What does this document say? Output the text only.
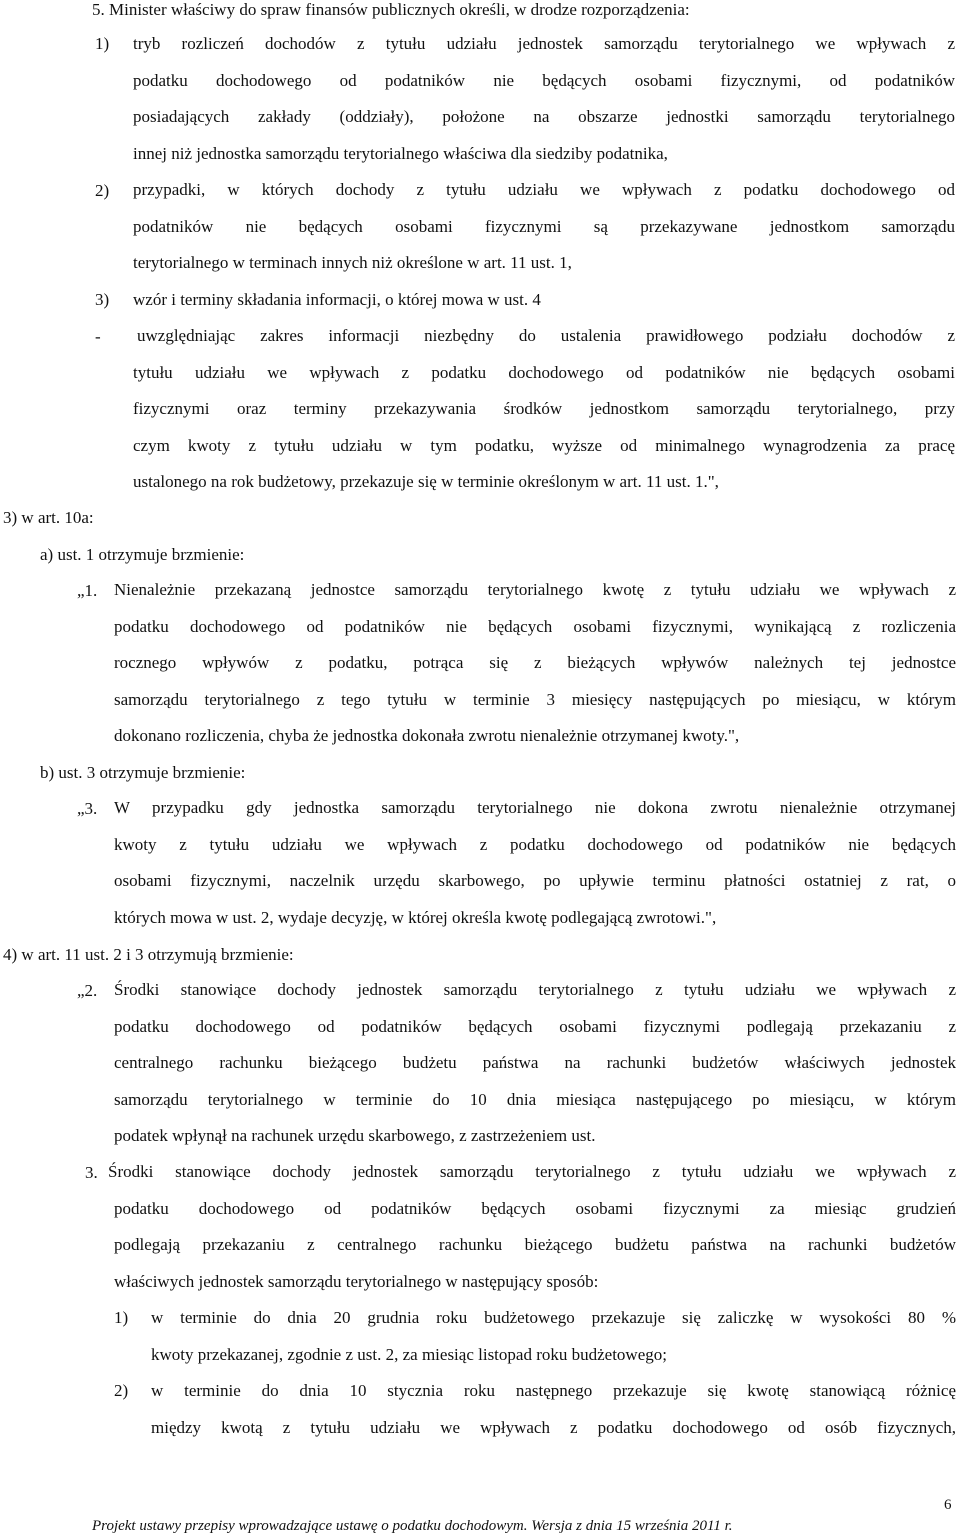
5. Minister właściwy do spraw finansów publicznych określi, w drodze rozporządzenia:
1) tryb rozliczeń dochodów z tytułu udziału jednostek samorządu terytorialnego we wpływach z
podatku dochodowego od podatników nie będących osobami fizycznymi, od podatników
posiadających zakłady (oddziały), położone na obszarze jednostki samorządu terytorialnego
innej niż jednostka samorządu terytorialnego właściwa dla siedziby podatnika,
2) przypadki, w których dochody z tytułu udziału we wpływach z podatku dochodowego od
podatników nie będących osobami fizycznymi są przekazywane jednostkom samorządu
terytorialnego w terminach innych niż określone w art. 11 ust. 1,
3) wzór i terminy składania informacji, o której mowa w ust. 4
- uwzględniając zakres informacji niezbędny do ustalenia prawidłowego podziału dochodów z
tytułu udziału we wpływach z podatku dochodowego od podatników nie będących osobami
fizycznymi oraz terminy przekazywania środków jednostkom samorządu terytorialnego, przy
czym kwoty z tytułu udziału w tym podatku, wyższe od minimalnego wynagrodzenia za pracę
ustalonego na rok budżetowy, przekazuje się w terminie określonym w art. 11 ust. 1.",
3) w art. 10a:
a) ust. 1 otrzymuje brzmienie:
„1. Nienależnie przekazaną jednostce samorządu terytorialnego kwotę z tytułu udziału we wpływach z
podatku dochodowego od podatników nie będących osobami fizycznymi, wynikającą z rozliczenia
rocznego wpływów z podatku, potrąca się z bieżących wpływów należnych tej jednostce
samorządu terytorialnego z tego tytułu w terminie 3 miesięcy następujących po miesiącu, w którym
dokonano rozliczenia, chyba że jednostka dokonała zwrotu nienależnie otrzymanej kwoty.",
b) ust. 3 otrzymuje brzmienie:
„3. W przypadku gdy jednostka samorządu terytorialnego nie dokona zwrotu nienależnie otrzymanej
kwoty z tytułu udziału we wpływach z podatku dochodowego od podatników nie będących
osobami fizycznymi, naczelnik urzędu skarbowego, po upływie terminu płatności ostatniej z rat, o
których mowa w ust. 2, wydaje decyzję, w której określa kwotę podlegającą zwrotowi.",
4) w art. 11 ust. 2 i 3 otrzymują brzmienie:
„2. Środki stanowiące dochody jednostek samorządu terytorialnego z tytułu udziału we wpływach z
podatku dochodowego od podatników będących osobami fizycznymi podlegają przekazaniu z
centralnego rachunku bieżącego budżetu państwa na rachunki budżetów właściwych jednostek
samorządu terytorialnego w terminie do 10 dnia miesiąca następującego po miesiącu, w którym
podatek wpłynął na rachunek urzędu skarbowego, z zastrzeżeniem ust.
3. Środki stanowiące dochody jednostek samorządu terytorialnego z tytułu udziału we wpływach z
podatku dochodowego od podatników będących osobami fizycznymi za miesiąc grudzień
podlegają przekazaniu z centralnego rachunku bieżącego budżetu państwa na rachunki budżetów
właściwych jednostek samorządu terytorialnego w następujący sposób:
1) w terminie do dnia 20 grudnia roku budżetowego przekazuje się zaliczkę w wysokości 80 %
kwoty przekazanej, zgodnie z ust. 2, za miesiąc listopad roku budżetowego;
2) w terminie do dnia 10 stycznia roku następnego przekazuje się kwotę stanowiącą różnicę
między kwotą z tytułu udziału we wpływach z podatku dochodowego od osób fizycznych,
6
Projekt ustawy przepisy wprowadzające ustawę o podatku dochodowym. Wersja z dnia 15 września 2011 r.
